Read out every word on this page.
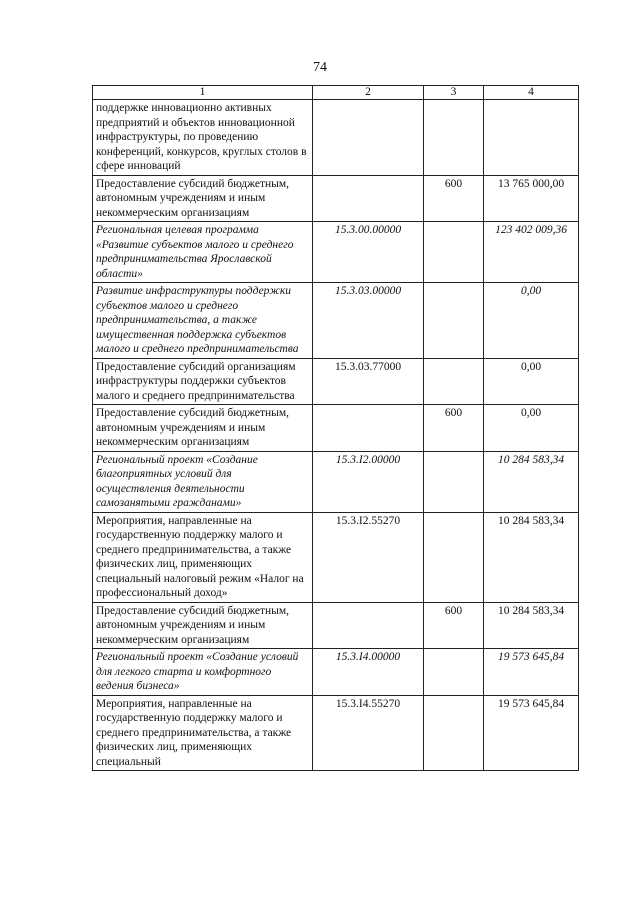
74
1	2	3	4
поддержке инновационно активных предприятий и объектов инновационной инфраструктуры, по проведению конференций, конкурсов, круглых столов в сфере инноваций			
Предоставление субсидий бюджетным, автономным учреждениям и иным некоммерческим организациям		600	13 765 000,00
Региональная целевая программа «Развитие субъектов малого и среднего предпринимательства Ярославской области»	15.3.00.00000		123 402 009,36
Развитие инфраструктуры поддержки субъектов малого и среднего предпринимательства, а также имущественная поддержка субъектов малого и среднего предпринимательства	15.3.03.00000		0,00
Предоставление субсидий организациям инфраструктуры поддержки субъектов малого и среднего предпринимательства	15.3.03.77000		0,00
Предоставление субсидий бюджетным, автономным учреждениям и иным некоммерческим организациям		600	0,00
Региональный проект «Создание благоприятных условий для осуществления деятельности самозанятыми гражданами»	15.3.I2.00000		10 284 583,34
Мероприятия, направленные на государственную поддержку малого и среднего предпринимательства, а также физических лиц, применяющих специальный налоговый режим «Налог на профессиональный доход»	15.3.I2.55270		10 284 583,34
Предоставление субсидий бюджетным, автономным учреждениям и иным некоммерческим организациям		600	10 284 583,34
Региональный проект «Создание условий для легкого старта и комфортного ведения бизнеса»	15.3.I4.00000		19 573 645,84
Мероприятия, направленные на государственную поддержку малого и среднего предпринимательства, а также физических лиц, применяющих специальный	15.3.I4.55270		19 573 645,84
